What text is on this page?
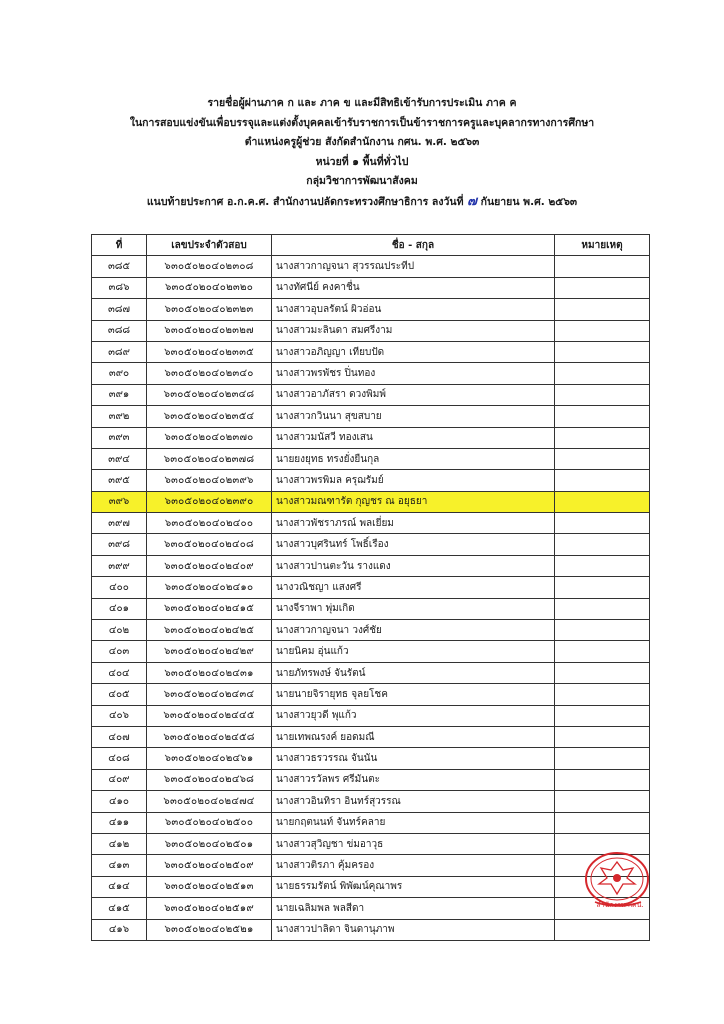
รายชื่อผู้ผ่านภาค ก และ ภาค ข และมีสิทธิเข้ารับการประเมิน ภาค ค
ในการสอบแข่งขันเพื่อบรรจุและแต่งตั้งบุคคลเข้ารับราชการเป็นข้าราชการครูและบุคลากรทางการศึกษา
ตำแหน่งครูผู้ช่วย สังกัดสำนักงาน กศน. พ.ศ. ๒๕๖๓
หน่วยที่ ๑ พื้นที่ทั่วไป
กลุ่มวิชาการพัฒนาสังคม
แนบท้ายประกาศ อ.ก.ค.ศ. สำนักงานปลัดกระทรวงศึกษาธิการ ลงวันที่ ๗ กันยายน พ.ศ. ๒๕๖๓
ที่	เลขประจำตัวสอบ	ชื่อ - สกุล	หมายเหตุ
๓๘๕	๖๓๐๕๐๒๐๔๐๒๓๐๘	นางสาวกาญจนา สุวรรณประทีป	
๓๘๖	๖๓๐๕๐๒๐๔๐๒๓๒๐	นางทัศนีย์ คงคาชื่น	
๓๘๗	๖๓๐๕๐๒๐๔๐๒๓๒๓	นางสาวอุบลรัตน์ ผิวอ่อน	
๓๘๘	๖๓๐๕๐๒๐๔๐๒๓๒๗	นางสาวมะลินดา สมศรีงาม	
๓๘๙	๖๓๐๕๐๒๐๔๐๒๓๓๕	นางสาวอภิญญา เทียบปัด	
๓๙๐	๖๓๐๕๐๒๐๔๐๒๓๔๐	นางสาวพรพัชร ปิ่นทอง	
๓๙๑	๖๓๐๕๐๒๐๔๐๒๓๔๘	นางสาวอาภัสรา ดวงพิมพ์	
๓๙๒	๖๓๐๕๐๒๐๔๐๒๓๕๔	นางสาวกวินนา สุขสบาย	
๓๙๓	๖๓๐๕๐๒๐๔๐๒๓๗๐	นางสาวมนัสวี ทองเสน	
๓๙๔	๖๓๐๕๐๒๐๔๐๒๓๗๘	นายยงยุทธ ทรงยั่งยืนกุล	
๓๙๕	๖๓๐๕๐๒๐๔๐๒๓๙๖	นางสาวพรพิมล ครุฌรัมย์	
๓๙๖	๖๓๐๕๐๒๐๔๐๒๓๙๐	นางสาวมณฑารัต กุญชร ณ อยุธยา	
๓๙๗	๖๓๐๕๐๒๐๔๐๒๔๐๐	นางสาวพัชราภรณ์ พลเยี่ยม	
๓๙๘	๖๓๐๕๐๒๐๔๐๒๔๐๘	นางสาวบุศรินทร์ โพธิ์เรือง	
๓๙๙	๖๓๐๕๐๒๐๔๐๒๔๐๙	นางสาวปานตะวัน รางแดง	
๔๐๐	๖๓๐๕๐๒๐๔๐๒๔๑๐	นางวณิชญา แสงศรี	
๔๐๑	๖๓๐๕๐๒๐๔๐๒๔๑๕	นางจีราพา พุ่มเกิด	
๔๐๒	๖๓๐๕๐๒๐๔๐๒๔๒๕	นางสาวกาญจนา วงศ์ชัย	
๔๐๓	๖๓๐๕๐๒๐๔๐๒๔๒๙	นายนิคม อุ่นแก้ว	
๔๐๔	๖๓๐๕๐๒๐๔๐๒๔๓๑	นายภัทรพงษ์ จันรัตน์	
๔๐๕	๖๓๐๕๐๒๐๔๐๒๔๓๔	นายนายจิรายุทธ จุลยโชค	
๔๐๖	๖๓๐๕๐๒๐๔๐๒๔๔๕	นางสาวยุวดี พุแก้ว	
๔๐๗	๖๓๐๕๐๒๐๔๐๒๔๕๘	นายเทพณรงค์ ยอดมณี	
๔๐๘	๖๓๐๕๐๒๐๔๐๒๔๖๑	นางสาวธรวรรณ จันนัน	
๔๐๙	๖๓๐๕๐๒๐๔๐๒๔๖๘	นางสาวรวัลพร ศรีมันตะ	
๔๑๐	๖๓๐๕๐๒๐๔๐๒๔๗๔	นางสาวอินทิรา อินทร์สุวรรณ	
๔๑๑	๖๓๐๕๐๒๐๔๐๒๕๐๐	นายกฤตนนท์ จันทร์คลาย	
๔๑๒	๖๓๐๕๐๒๐๔๐๒๕๐๑	นางสาวสุวิญชา ข่มอาวุธ	
๔๑๓	๖๓๐๕๐๒๐๔๐๒๕๐๙	นางสาวติรภา คุ้มครอง	
๔๑๔	๖๓๐๕๐๒๐๔๐๒๕๑๓	นายธรรมรัตน์ พิพัฒน์คุณาพร	
๔๑๕	๖๓๐๕๐๒๐๔๐๒๕๑๙	นายเฉลิมพล พลสีดา	
๔๑๖	๖๓๐๕๐๒๐๔๐๒๕๒๑	นางสาวปาลิดา จินดานุภาพ	
สำนักงาน กศน.
